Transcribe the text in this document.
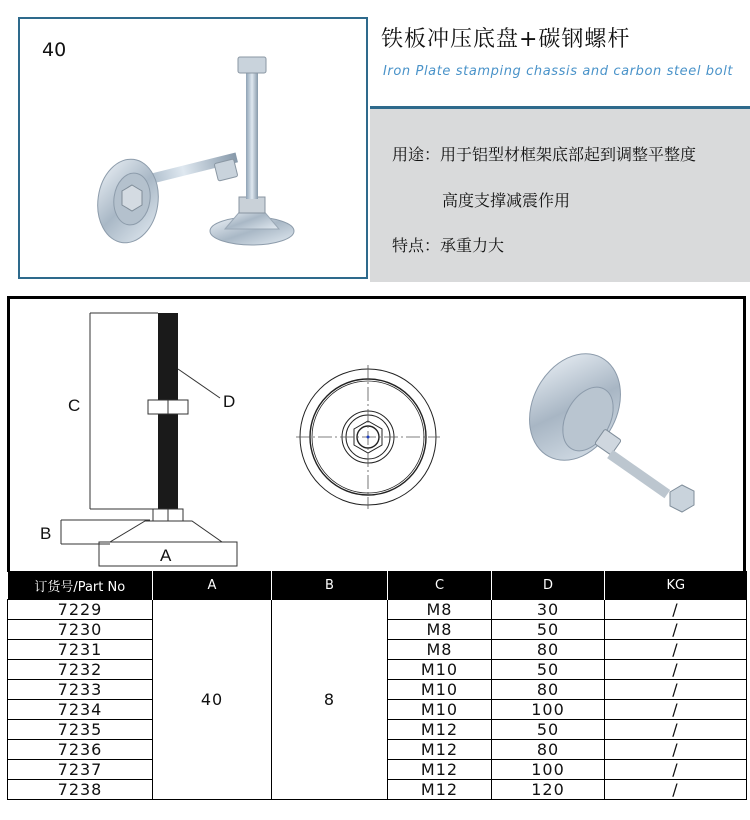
40	铁板冲压底盘+碳钢螺杆
Iron Plate stamping chassis and carbon steel bolt
用途：用于铝型材框架底部起到调整平整度
高度支撑减震作用
特点：承重力大
C	D
A
B
订货号/Part No	A	B	C	D	KG
7229	40	8	M8	30	/
7230			M8	50	/
7231			M8	80	/
7232			M10	50	/
7233			M10	80	/
7234			M10	100	/
7235			M12	50	/
7236			M12	80	/
7237			M12	100	/
7238			M12	120	/
